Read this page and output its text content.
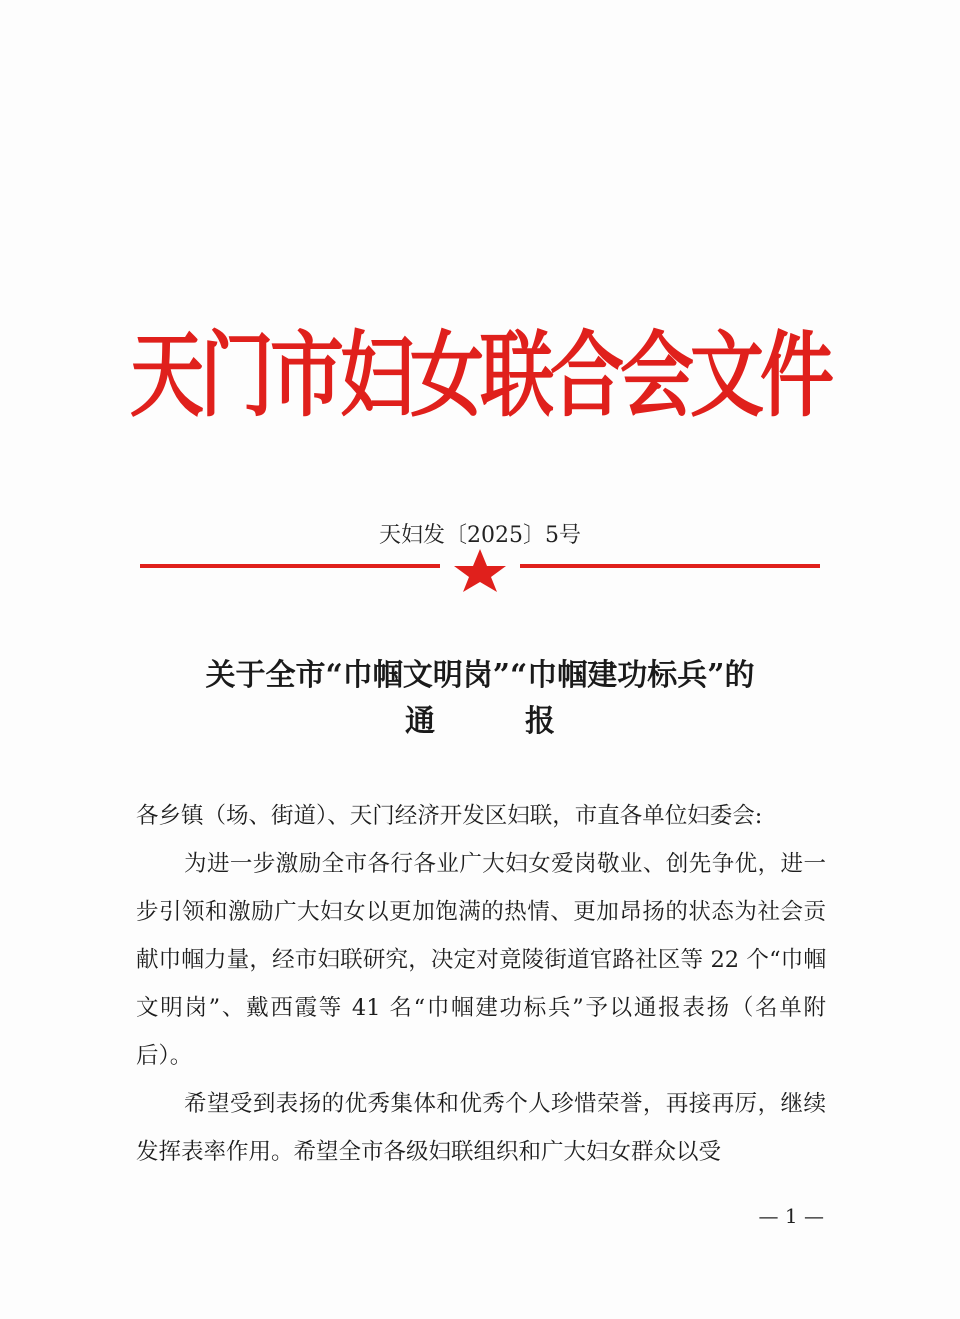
天门市妇女联合会文件
天妇发〔2025〕5号
关于全市“巾帼文明岗”“巾帼建功标兵”的
通	报
各乡镇（场、街道）、天门经济开发区妇联，市直各单位妇委会:
为进一步激励全市各行各业广大妇女爱岗敬业、创先争优，进一步引领和激励广大妇女以更加饱满的热情、更加昂扬的状态为社会贡献巾帼力量，经市妇联研究，决定对竟陵街道官路社区等 22 个“巾帼文明岗”、戴西霞等 41 名“巾帼建功标兵”予以通报表扬（名单附后）。
希望受到表扬的优秀集体和优秀个人珍惜荣誉，再接再厉，继续发挥表率作用。希望全市各级妇联组织和广大妇女群众以受
— 1 —
